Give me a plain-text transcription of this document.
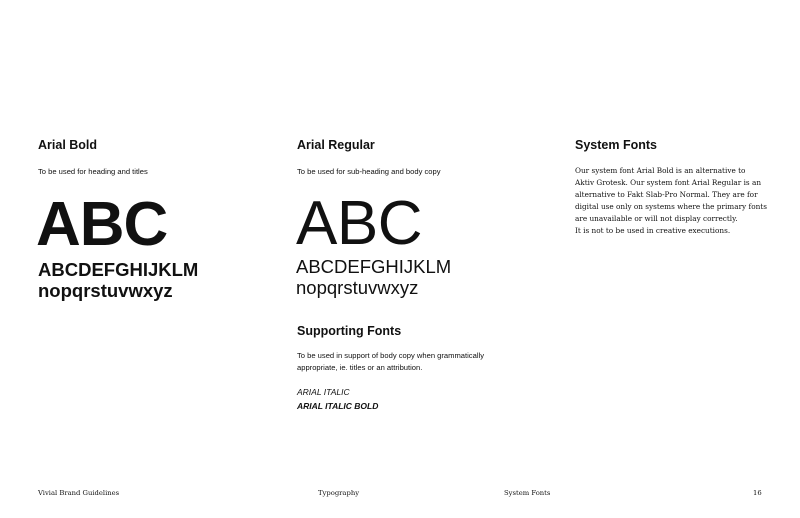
Arial Bold
To be used for heading and titles
ABC
ABCDEFGHIJKLM
nopqrstuvwxyz
Arial Regular
To be used for sub-heading and body copy
ABC
ABCDEFGHIJKLM
nopqrstuvwxyz
Supporting Fonts
To be used in support of body copy when grammatically
appropriate, ie. titles or an attribution.
ARIAL ITALIC
ARIAL ITALIC BOLD
System Fonts
Our system font Arial Bold is an alternative to
Aktiv Grotesk. Our system font Arial Regular is an
alternative to Fakt Slab-Pro Normal. They are for
digital use only on systems where the primary fonts
are unavailable or will not display correctly.
It is not to be used in creative executions.
Vivial Brand Guidelines	Typography	System Fonts	16
